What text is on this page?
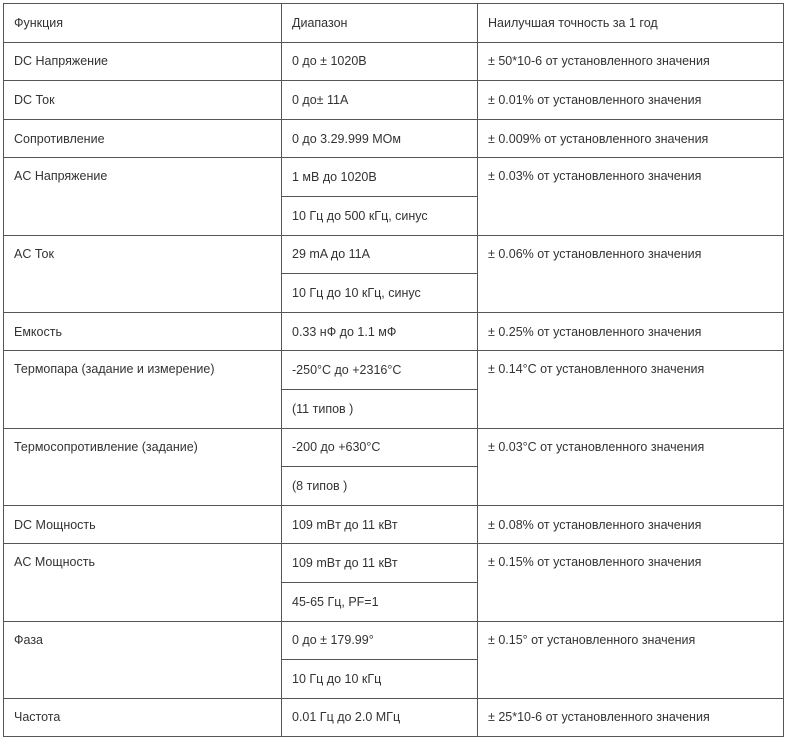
Функция	Диапазон	Наилучшая точность за 1 год
DC Напряжение	0 до ± 1020В	± 50*10-6 от установленного значения
DC Ток	0 до± 11А	± 0.01% от установленного значения
Сопротивление	0 до 3.29.999 МОм	± 0.009% от установленного значения
AC Напряжение	1 мВ до 1020В	± 0.03% от установленного значения
	10 Гц до 500 кГц, синус	
AC Ток	29 mA до 11А	± 0.06% от установленного значения
	10 Гц до 10 кГц, синус	
Емкость	0.33 нФ до 1.1 мФ	± 0.25% от установленного значения
Термопара (задание и измерение)	-250°С до +2316°С	± 0.14°С от установленного значения
	(11 типов )	
Термосопротивление (задание)	-200 до +630°С	± 0.03°С от установленного значения
	(8 типов )	
DC Мощность	109 mBт до 11 кВт	± 0.08% от установленного значения
AC Мощность	109 mBт до 11 кВт	± 0.15% от установленного значения
	45-65 Гц, PF=1	
Фаза	0 до ± 179.99°	± 0.15° от установленного значения
	10 Гц до 10 кГц	
Частота	0.01 Гц до 2.0 МГц	± 25*10-6 от установленного значения
